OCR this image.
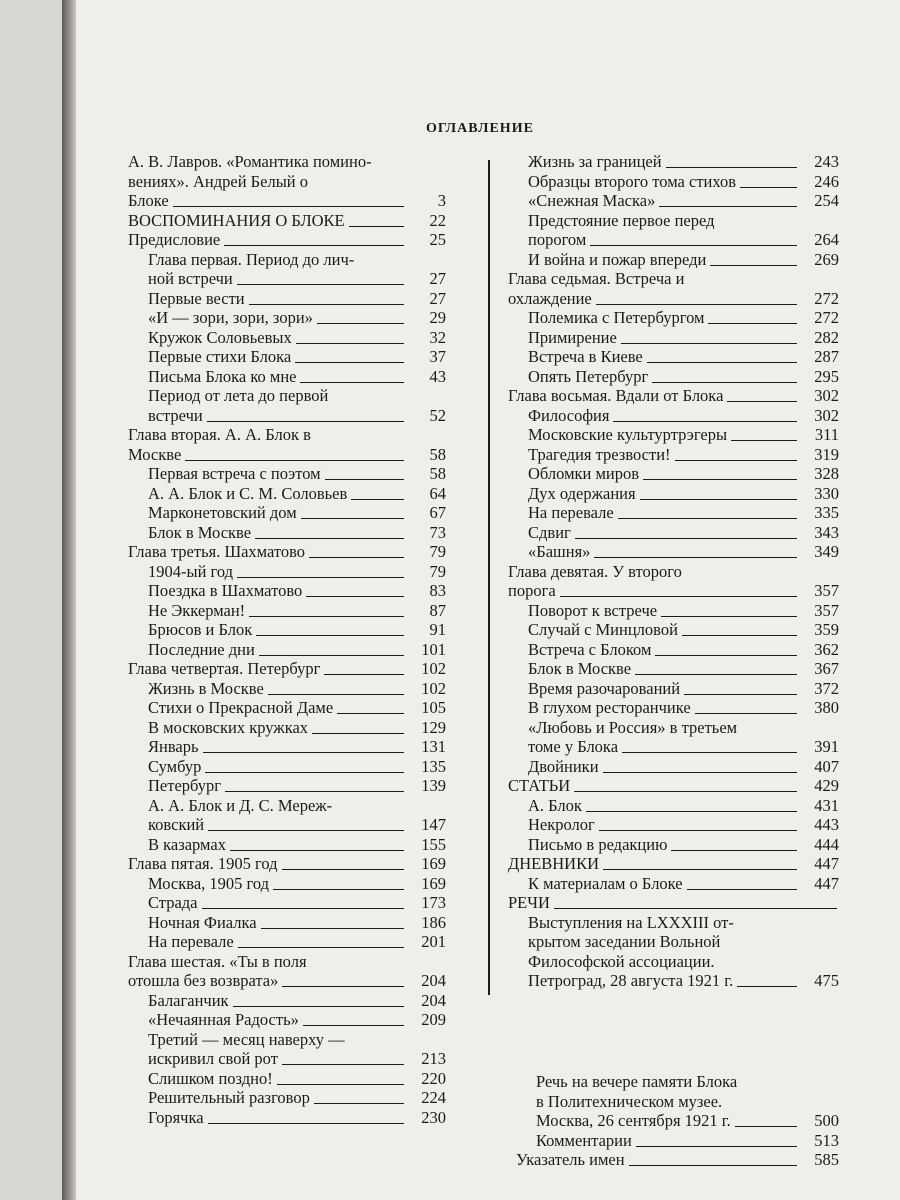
ОГЛАВЛЕНИЕ
А. В. Лавров. «Романтика помино-
вениях». Андрей Белый о
Блоке	3
ВОСПОМИНАНИЯ О БЛОКЕ	22
Предисловие	25
Глава первая. Период до лич-
ной встречи	27
Первые вести	27
«И — зори, зори, зори»	29
Кружок Соловьевых	32
Первые стихи Блока	37
Письма Блока ко мне	43
Период от лета до первой
встречи	52
Глава вторая. А. А. Блок в
Москве	58
Первая встреча с поэтом	58
А. А. Блок и С. М. Соловьев	64
Марконетовский дом	67
Блок в Москве	73
Глава третья. Шахматово	79
1904-ый год	79
Поездка в Шахматово	83
Не Эккерман!	87
Брюсов и Блок	91
Последние дни	101
Глава четвертая. Петербург	102
Жизнь в Москве	102
Стихи о Прекрасной Даме	105
В московских кружках	129
Январь	131
Сумбур	135
Петербург	139
А. А. Блок и Д. С. Мереж-
ковский	147
В казармах	155
Глава пятая. 1905 год	169
Москва, 1905 год	169
Страда	173
Ночная Фиалка	186
На перевале	201
Глава шестая. «Ты в поля
отошла без возврата»	204
Балаганчик	204
«Нечаянная Радость»	209
Третий — месяц наверху —
искривил свой рот	213
Слишком поздно!	220
Решительный разговор	224
Горячка	230
Жизнь за границей	243
Образцы второго тома стихов	246
«Снежная Маска»	254
Предстояние первое перед
порогом	264
И война и пожар впереди	269
Глава седьмая. Встреча и
охлаждение	272
Полемика с Петербургом	272
Примирение	282
Встреча в Киеве	287
Опять Петербург	295
Глава восьмая. Вдали от Блока	302
Философия	302
Московские культуртрэгеры	311
Трагедия трезвости!	319
Обломки миров	328
Дух одержания	330
На перевале	335
Сдвиг	343
«Башня»	349
Глава девятая. У второго
порога	357
Поворот к встрече	357
Случай с Минцловой	359
Встреча с Блоком	362
Блок в Москве	367
Время разочарований	372
В глухом ресторанчике	380
«Любовь и Россия» в третьем
томе у Блока	391
Двойники	407
СТАТЬИ	429
А. Блок	431
Некролог	443
Письмо в редакцию	444
ДНЕВНИКИ	447
К материалам о Блоке	447
РЕЧИ
Выступления на LXXXIII от-
крытом заседании Вольной
Философской ассоциации.
Петроград, 28 августа 1921 г.	475
Речь на вечере памяти Блока
в Политехническом музее.
Москва, 26 сентября 1921 г.	500
Комментарии	513
Указатель имен	585
